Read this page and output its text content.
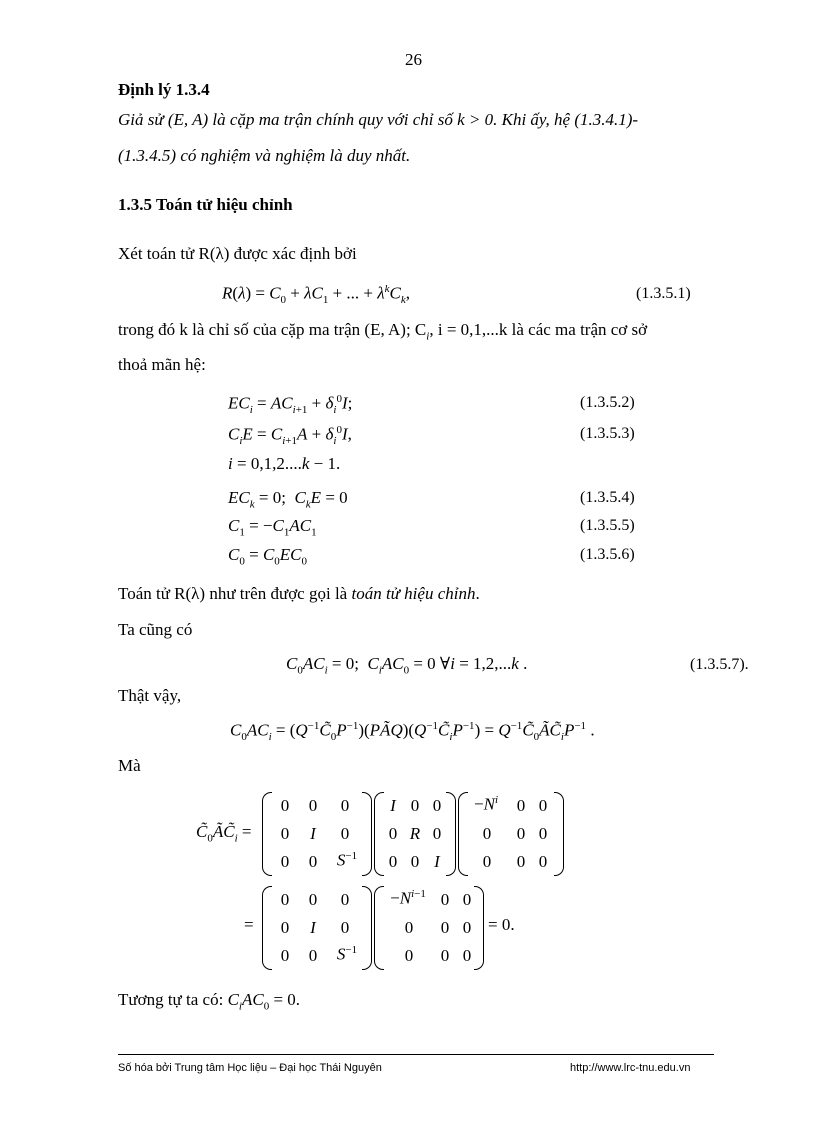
26
Định lý 1.3.4
Giả sử (E, A) là cặp ma trận chính quy với chỉ số k > 0. Khi ấy, hệ (1.3.4.1)-
(1.3.4.5) có nghiệm và nghiệm là duy nhất.
1.3.5 Toán tử hiệu chỉnh
Xét toán tử R(λ) được xác định bởi
$R(\lambda) = C_0 + \lambda C_1$ + ... + $\lambda^kC_k$,	(1.3.5.1)
trong đó k là chỉ số của cặp ma trận (E, A); $C_i$, i = 0,1,...k là các ma trận cơ sở
thoả mãn hệ:
$EC_i = AC_{i+1} + \delta_i^0I$;	(1.3.5.2)
$C_iE = C_{i+1}A + \delta_i^0I$,	(1.3.5.3)
i = 0,1,2....k − 1.
$EC_k = 0$;  $C_kE = 0$	(1.3.5.4)
$C_1 = -C_1AC_1$	(1.3.5.5)
$C_0 = C_0EC_0$	(1.3.5.6)
Toán tử R(λ) như trên được gọi là toán tử hiệu chỉnh.
Ta cũng có
$C_0AC_i = 0$;  $C_iAC_0 = 0$ ∀i = 1,2,...k .	(1.3.5.7).
Thật vậy,
$C_0AC_i$ = $(Q^{-1}C̃_0P^{-1})(PÃQ)(Q^{-1}C̃_iP^{-1})$ = $Q^{-1}C̃_0ÃC̃_iP^{-1}$ .
Mà
$C̃_0ÃC̃_i$ =
0	0	0
0	I	0
0	0	$S^{-1}$
I 0 0
0 R 0
0 0 I
$-N^i$	0 0
0	0 0
0	0 0
=
0	0	0
0	I	0
0	0	$S^{-1}$
$-N^{i-1}$ 0 0
0	0 0
0	0 0
= 0.
Tương tự ta có: $C_iAC_0 = 0$.
Số hóa bởi Trung tâm Học liệu – Đại học Thái Nguyên	http://www.lrc-tnu.edu.vn
